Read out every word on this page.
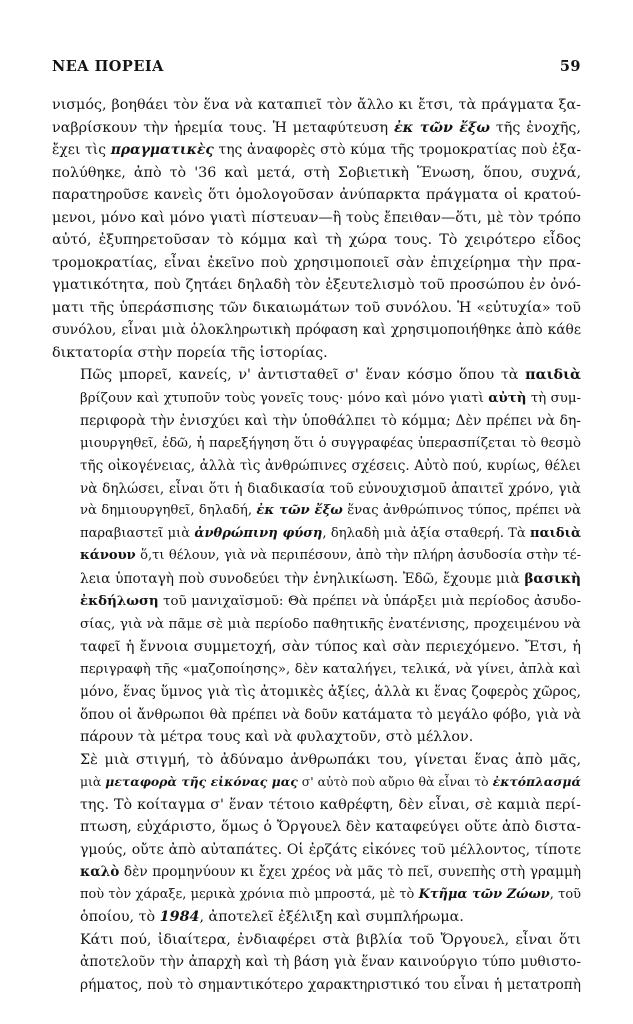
ΝΕΑ ΠΟΡΕΙΑ	59

νισμός, βοηθάει τὸν ἕνα νὰ καταπιεῖ τὸν ἄλλο κι ἔτσι, τὰ πράγματα ξα-
ναβρίσκουν τὴν ἠρεμία τους. Ἡ μεταφύτευση ἐκ τῶν ἔξω τῆς ἐνοχῆς,
ἔχει τὶς πραγματικὲς της ἀναφορὲς στὸ κύμα τῆς τρομοκρατίας ποὺ ἐξα-
πολύθηκε, ἀπὸ τὸ '36 καὶ μετά, στὴ Σοβιετικὴ Ἕνωση, ὅπου, συχνά,
παρατηροῦσε κανεὶς ὅτι ὁμολογοῦσαν ἀνύπαρκτα πράγματα οἱ κρατού-
μενοι, μόνο καὶ μόνο γιατὶ πίστευαν—ἢ τοὺς ἔπειθαν—ὅτι, μὲ τὸν τρόπο
αὐτό, ἐξυπηρετοῦσαν τὸ κόμμα καὶ τὴ χώρα τους. Τὸ χειρότερο εἶδος
τρομοκρατίας, εἶναι ἐκεῖνο ποὺ χρησιμοποιεῖ σὰν ἐπιχείρημα τὴν πρα-
γματικότητα, ποὺ ζητάει δηλαδὴ τὸν ἐξευτελισμὸ τοῦ προσώπου ἐν ὀνό-
ματι τῆς ὑπεράσπισης τῶν δικαιωμάτων τοῦ συνόλου. Ἡ «εὐτυχία» τοῦ
συνόλου, εἶναι μιὰ ὁλοκληρωτικὴ πρόφαση καὶ χρησιμοποιήθηκε ἀπὸ κάθε
δικτατορία στὴν πορεία τῆς ἱστορίας.

Πῶς μπορεῖ, κανείς, ν' ἀντισταθεῖ σ' ἕναν κόσμο ὅπου τὰ παιδιὰ
βρίζουν καὶ χτυποῦν τοὺς γονεῖς τους· μόνο καὶ μόνο γιατὶ αὐτὴ τὴ συμ-
περιφορὰ τὴν ἐνισχύει καὶ τὴν ὑποθάλπει τὸ κόμμα; Δὲν πρέπει νὰ δη-
μιουργηθεῖ, ἐδῶ, ἡ παρεξήγηση ὅτι ὁ συγγραφέας ὑπερασπίζεται τὸ θεσμὸ
τῆς οἰκογένειας, ἀλλὰ τὶς ἀνθρώπινες σχέσεις. Αὐτὸ πού, κυρίως, θέλει
νὰ δηλώσει, εἶναι ὅτι ἡ διαδικασία τοῦ εὐνουχισμοῦ ἀπαιτεῖ χρόνο, γιὰ
νὰ δημιουργηθεῖ, δηλαδή, ἐκ τῶν ἔξω ἕνας ἀνθρώπινος τύπος, πρέπει νὰ
παραβιαστεῖ μιὰ ἀνθρώπινη φύση, δηλαδὴ μιὰ ἀξία σταθερή. Τὰ παιδιὰ
κάνουν ὅ,τι θέλουν, γιὰ νὰ περιπέσουν, ἀπὸ τὴν πλήρη ἀσυδοσία στὴν τέ-
λεια ὑποταγὴ ποὺ συνοδεύει τὴν ἐνηλικίωση. Ἐδῶ, ἔχουμε μιὰ βασικὴ
ἐκδήλωση τοῦ μανιχαϊσμοῦ: Θὰ πρέπει νὰ ὑπάρξει μιὰ περίοδος ἀσυδο-
σίας, γιὰ νὰ πᾶμε σὲ μιὰ περίοδο παθητικῆς ἐνατένισης, προχειμένου νὰ
ταφεῖ ἡ ἔννοια συμμετοχή, σὰν τύπος καὶ σὰν περιεχόμενο. Ἔτσι, ἡ
περιγραφὴ τῆς «μαζοποίησης», δὲν καταλήγει, τελικά, νὰ γίνει, ἁπλὰ καὶ
μόνο, ἕνας ὕμνος γιὰ τὶς ἀτομικὲς ἀξίες, ἀλλὰ κι ἕνας ζοφερὸς χῶρος,
ὅπου οἱ ἄνθρωποι θὰ πρέπει νὰ δοῦν κατάματα τὸ μεγάλο φόβο, γιὰ νὰ
πάρουν τὰ μέτρα τους καὶ νὰ φυλαχτοῦν, στὸ μέλλον.

Σὲ μιὰ στιγμή, τὸ ἀδύναμο ἀνθρωπάκι του, γίνεται ἕνας ἀπὸ μᾶς,
μιὰ μεταφορὰ τῆς εἰκόνας μας σ' αὐτὸ ποὺ αὔριο θὰ εἶναι τὸ ἐκτόπλασμά
της. Τὸ κοίταγμα σ' ἕναν τέτοιο καθρέφτη, δὲν εἶναι, σὲ καμιὰ περί-
πτωση, εὐχάριστο, ὅμως ὁ Ὄργουελ δὲν καταφεύγει οὔτε ἀπὸ διστα-
γμούς, οὔτε ἀπὸ αὐταπάτες. Οἱ ἐρζάτς εἰκόνες τοῦ μέλλοντος, τίποτε
καλὸ δὲν προμηνύουν κι ἔχει χρέος νὰ μᾶς τὸ πεῖ, συνεπὴς στὴ γραμμὴ
ποὺ τὸν χάραξε, μερικὰ χρόνια πιὸ μπροστά, μὲ τὸ Κτῆμα τῶν Ζώων, τοῦ
ὁποίου, τὸ 1984, ἀποτελεῖ ἐξέλιξη καὶ συμπλήρωμα.

Κάτι πού, ἰδιαίτερα, ἐνδιαφέρει στὰ βιβλία τοῦ Ὄργουελ, εἶναι ὅτι
ἀποτελοῦν τὴν ἀπαρχὴ καὶ τὴ βάση γιὰ ἕναν καινούργιο τύπο μυθιστο-
ρήματος, ποὺ τὸ σημαντικότερο χαρακτηριστικό του εἶναι ἡ μετατροπὴ
